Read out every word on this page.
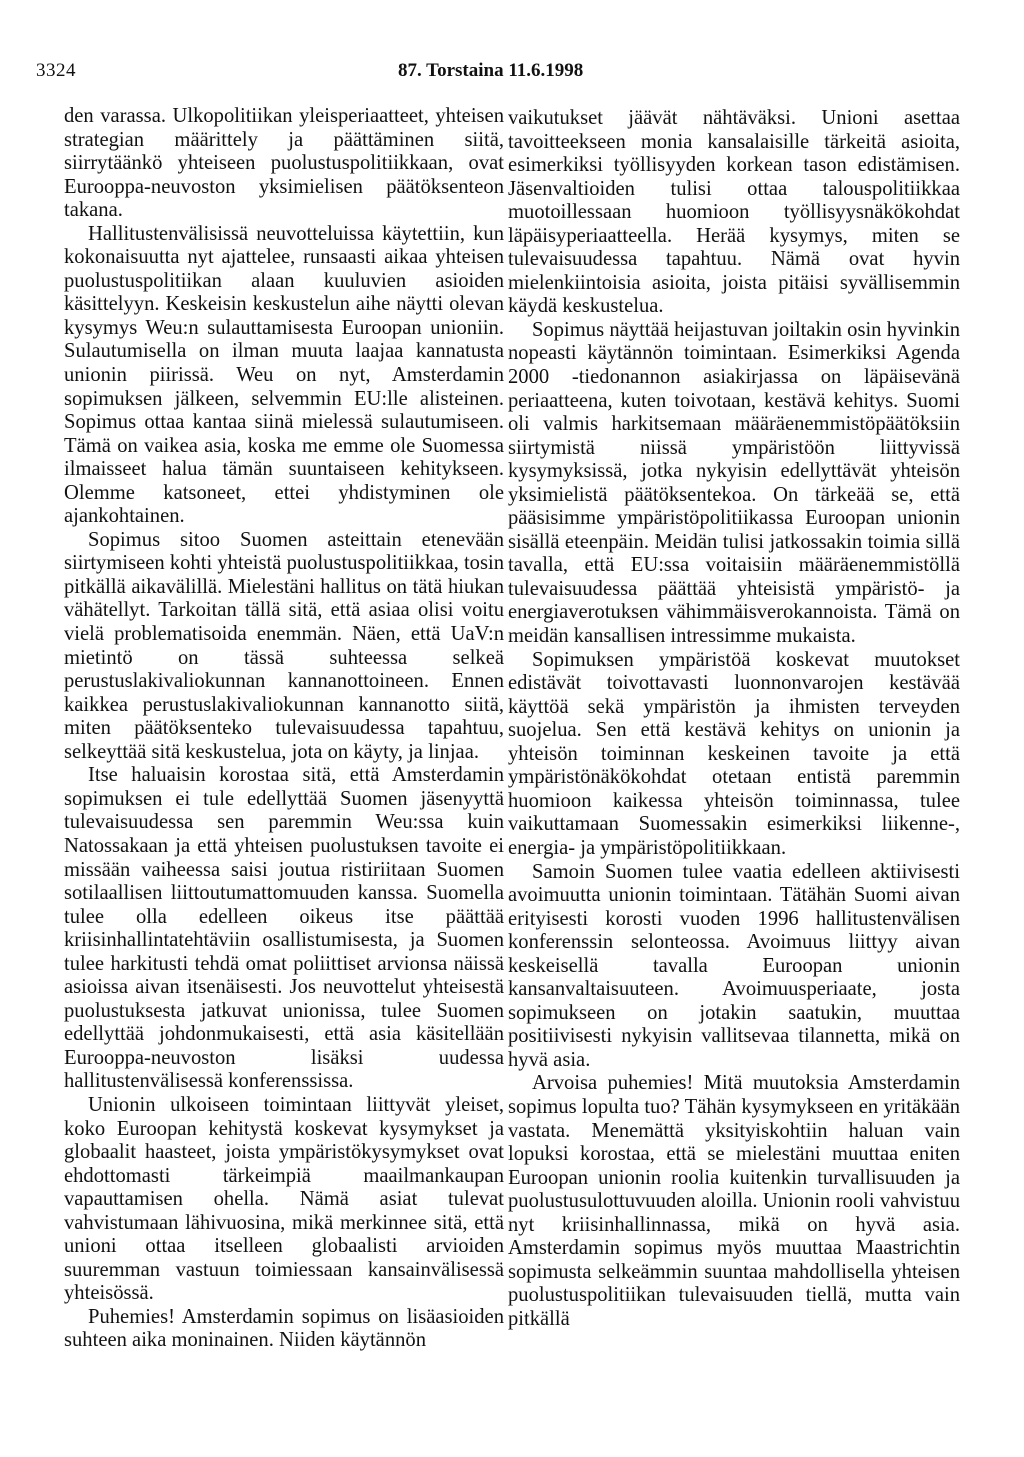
3324	87. Torstaina 11.6.1998

den varassa. Ulkopolitiikan yleisperiaatteet, yhteisen strategian määrittely ja päättäminen siitä, siirrytäänkö yhteiseen puolustuspolitiikkaan, ovat Eurooppa-neuvoston yksimielisen päätöksenteon takana.

Hallitustenvälisissä neuvotteluissa käytettiin, kun kokonaisuutta nyt ajattelee, runsaasti aikaa yhteisen puolustuspolitiikan alaan kuuluvien asioiden käsittelyyn. Keskeisin keskustelun aihe näytti olevan kysymys Weu:n sulauttamisesta Euroopan unioniin. Sulautumisella on ilman muuta laajaa kannatusta unionin piirissä. Weu on nyt, Amsterdamin sopimuksen jälkeen, selvemmin EU:lle alisteinen. Sopimus ottaa kantaa siinä mielessä sulautumiseen. Tämä on vaikea asia, koska me emme ole Suomessa ilmaisseet halua tämän suuntaiseen kehitykseen. Olemme katsoneet, ettei yhdistyminen ole ajankohtainen.

Sopimus sitoo Suomen asteittain etenevään siirtymiseen kohti yhteistä puolustuspolitiikkaa, tosin pitkällä aikavälillä. Mielestäni hallitus on tätä hiukan vähätellyt. Tarkoitan tällä sitä, että asiaa olisi voitu vielä problematisoida enemmän. Näen, että UaV:n mietintö on tässä suhteessa selkeä perustuslakivaliokunnan kannanottoineen. Ennen kaikkea perustuslakivaliokunnan kannanotto siitä, miten päätöksenteko tulevaisuudessa tapahtuu, selkeyttää sitä keskustelua, jota on käyty, ja linjaa.

Itse haluaisin korostaa sitä, että Amsterdamin sopimuksen ei tule edellyttää Suomen jäsenyyttä tulevaisuudessa sen paremmin Weu:ssa kuin Natossakaan ja että yhteisen puolustuksen tavoite ei missään vaiheessa saisi joutua ristiriitaan Suomen sotilaallisen liittoutumattomuuden kanssa. Suomella tulee olla edelleen oikeus itse päättää kriisinhallintatehtäviin osallistumisesta, ja Suomen tulee harkitusti tehdä omat poliittiset arvionsa näissä asioissa aivan itsenäisesti. Jos neuvottelut yhteisestä puolustuksesta jatkuvat unionissa, tulee Suomen edellyttää johdonmukaisesti, että asia käsitellään Eurooppa-neuvoston lisäksi uudessa hallitustenvälisessä konferenssissa.

Unionin ulkoiseen toimintaan liittyvät yleiset, koko Euroopan kehitystä koskevat kysymykset ja globaalit haasteet, joista ympäristökysymykset ovat ehdottomasti tärkeimpiä maailmankaupan vapauttamisen ohella. Nämä asiat tulevat vahvistumaan lähivuosina, mikä merkinnee sitä, että unioni ottaa itselleen globaalisti arvioiden suuremman vastuun toimiessaan kansainvälisessä yhteisössä.

Puhemies! Amsterdamin sopimus on lisäasioiden suhteen aika moninainen. Niiden käytännön

vaikutukset jäävät nähtäväksi. Unioni asettaa tavoitteekseen monia kansalaisille tärkeitä asioita, esimerkiksi työllisyyden korkean tason edistämisen. Jäsenvaltioiden tulisi ottaa talouspolitiikkaa muotoillessaan huomioon työllisyysnäkökohdat läpäisyperiaatteella. Herää kysymys, miten se tulevaisuudessa tapahtuu. Nämä ovat hyvin mielenkiintoisia asioita, joista pitäisi syvällisemmin käydä keskustelua.

Sopimus näyttää heijastuvan joiltakin osin hyvinkin nopeasti käytännön toimintaan. Esimerkiksi Agenda 2000 -tiedonannon asiakirjassa on läpäisevänä periaatteena, kuten toivotaan, kestävä kehitys. Suomi oli valmis harkitsemaan määräenemmistöpäätöksiin siirtymistä niissä ympäristöön liittyvissä kysymyksissä, jotka nykyisin edellyttävät yhteisön yksimielistä päätöksentekoa. On tärkeää se, että pääsisimme ympäristöpolitiikassa Euroopan unionin sisällä eteenpäin. Meidän tulisi jatkossakin toimia sillä tavalla, että EU:ssa voitaisiin määräenemmistöllä tulevaisuudessa päättää yhteisistä ympäristö- ja energiaverotuksen vähimmäisverokannoista. Tämä on meidän kansallisen intressimme mukaista.

Sopimuksen ympäristöä koskevat muutokset edistävät toivottavasti luonnonvarojen kestävää käyttöä sekä ympäristön ja ihmisten terveyden suojelua. Sen että kestävä kehitys on unionin ja yhteisön toiminnan keskeinen tavoite ja että ympäristönäkökohdat otetaan entistä paremmin huomioon kaikessa yhteisön toiminnassa, tulee vaikuttamaan Suomessakin esimerkiksi liikenne-, energia- ja ympäristöpolitiikkaan.

Samoin Suomen tulee vaatia edelleen aktiivisesti avoimuutta unionin toimintaan. Tätähän Suomi aivan erityisesti korosti vuoden 1996 hallitustenvälisen konferenssin selonteossa. Avoimuus liittyy aivan keskeisellä tavalla Euroopan unionin kansanvaltaisuuteen. Avoimuusperiaate, josta sopimukseen on jotakin saatukin, muuttaa positiivisesti nykyisin vallitsevaa tilannetta, mikä on hyvä asia.

Arvoisa puhemies! Mitä muutoksia Amsterdamin sopimus lopulta tuo? Tähän kysymykseen en yritäkään vastata. Menemättä yksityiskohtiin haluan vain lopuksi korostaa, että se mielestäni muuttaa eniten Euroopan unionin roolia kuitenkin turvallisuuden ja puolustusulottuvuuden aloilla. Unionin rooli vahvistuu nyt kriisinhallinnassa, mikä on hyvä asia. Amsterdamin sopimus myös muuttaa Maastrichtin sopimusta selkeämmin suuntaa mahdollisella yhteisen puolustuspolitiikan tulevaisuuden tiellä, mutta vain pitkällä
